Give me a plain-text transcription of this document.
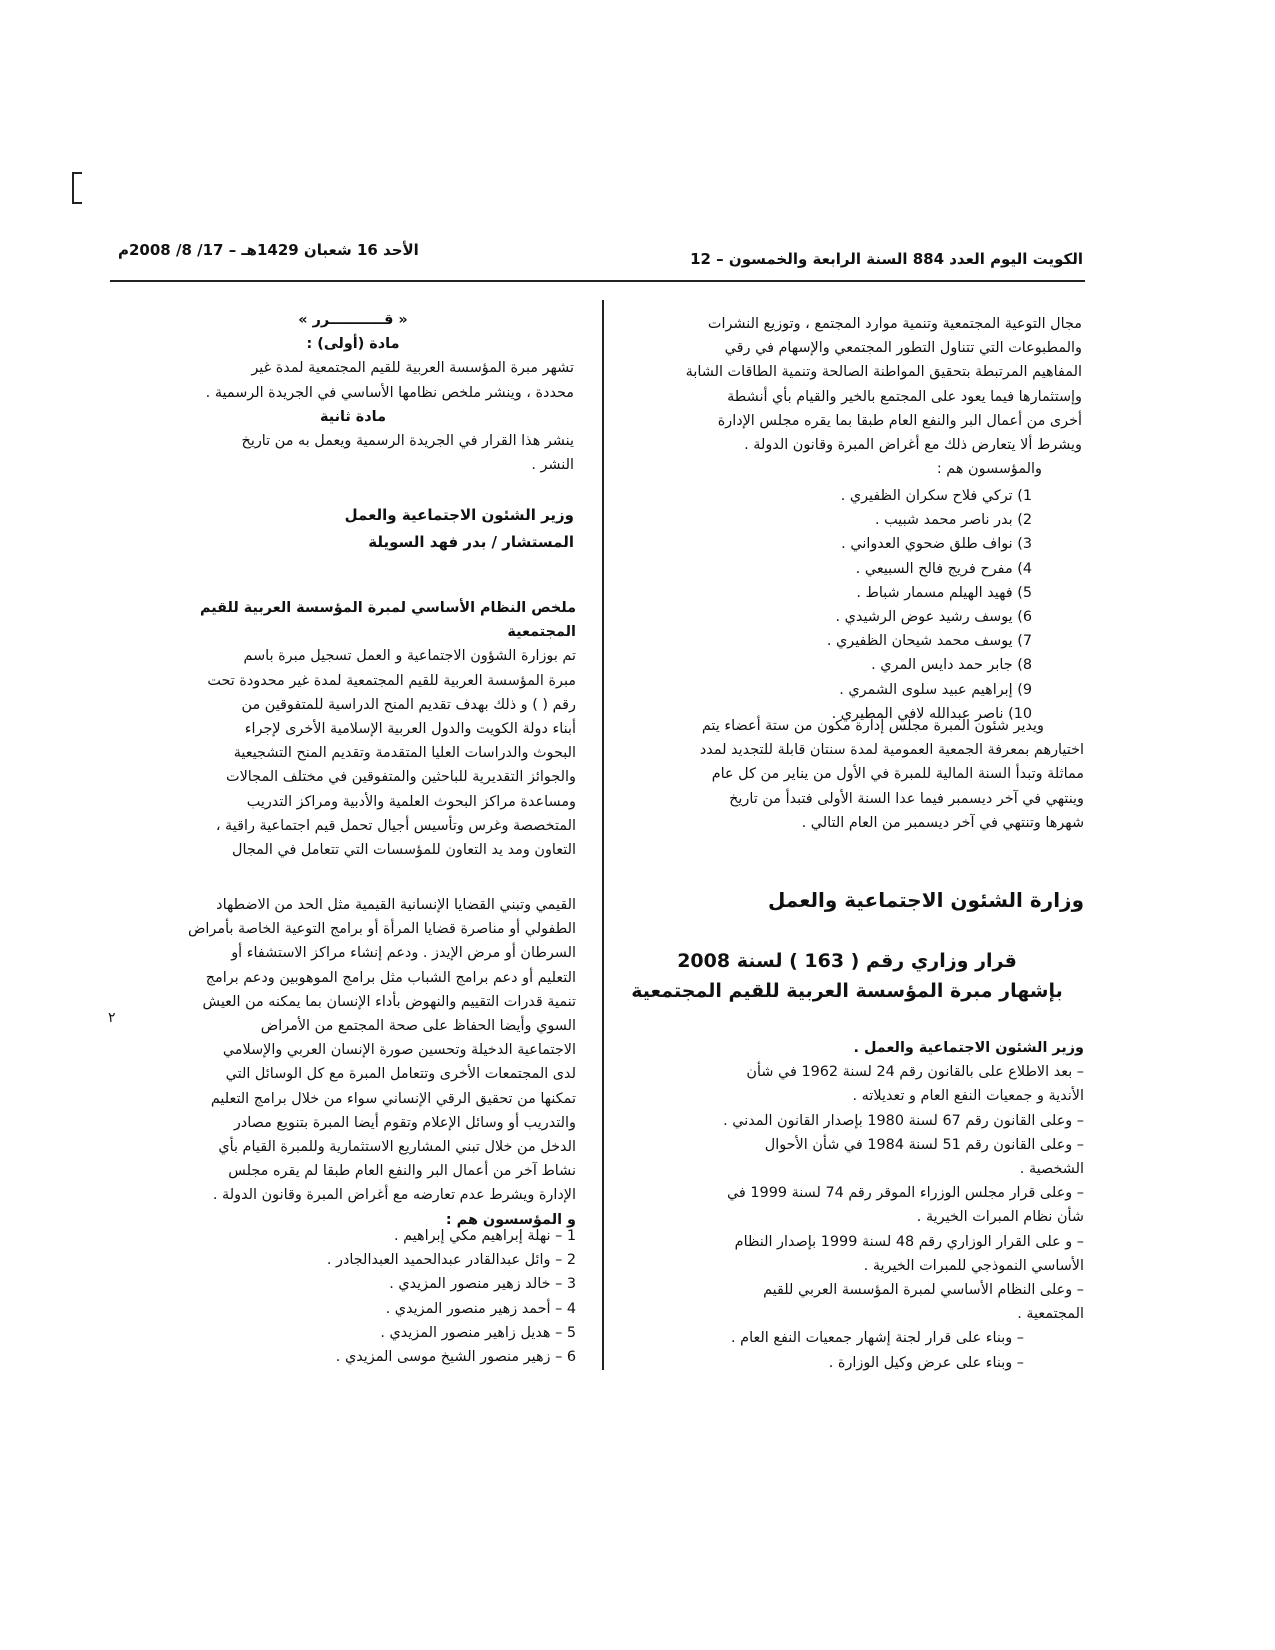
٢
الكويت اليوم العدد 884 السنة الرابعة والخمسون – 12
الأحد 16 شعبان 1429هـ – 17/ 8/ 2008م

مجال التوعية المجتمعية وتنمية موارد المجتمع ، وتوزيع النشرات

والمطبوعات التي تتناول التطور المجتمعي والإسهام في رقي

المفاهيم المرتبطة بتحقيق المواطنة الصالحة وتنمية الطاقات الشابة

وإستثمارها فيما يعود على المجتمع بالخير والقيام بأي أنشطة

أخرى من أعمال البر والنفع العام طبقا بما يقره مجلس الإدارة

ويشرط ألا يتعارض ذلك مع أغراض المبرة وقانون الدولة .

والمؤسسون هم :

1) تركي فلاح سكران الظفيري .
2) بدر ناصر محمد شبيب .
3) نواف طلق ضحوي العدواني .
4) مفرح فريج فالح السبيعي .
5) فهيد الهيلم مسمار شباط .
6) يوسف رشيد عوض الرشيدي .
7) يوسف محمد شيحان الظفيري .
8) جابر حمد دايس المري .
9) إبراهيم عبيد سلوى الشمري .
10) ناصر عبدالله لافي المطيري .

ويدير شئون المبرة مجلس إدارة مكون من ستة أعضاء يتم

اختيارهم بمعرفة الجمعية العمومية لمدة سنتان قابلة للتجديد لمدد

مماثلة وتبدأ السنة المالية للمبرة في الأول من يناير من كل عام

وينتهي في آخر ديسمبر فيما عدا السنة الأولى فتبدأ من تاريخ

شهرها وتنتهي في آخر ديسمبر من العام التالي .

وزارة الشئون الاجتماعية والعمل
قرار وزاري رقم ( 163 ) لسنة 2008
بإشهار مبرة المؤسسة العربية للقيم المجتمعية

وزير الشئون الاجتماعية والعمل .

– بعد الاطلاع على بالقانون رقم 24 لسنة 1962 في شأن

الأندية و جمعيات النفع العام و تعديلاته .

– وعلى القانون رقم 67 لسنة 1980 بإصدار القانون المدني .

– وعلى القانون رقم 51 لسنة 1984 في شأن الأحوال

الشخصية .

– وعلى قرار مجلس الوزراء الموقر رقم 74 لسنة 1999 في

شأن نظام المبرات الخيرية .

– و على القرار الوزاري رقم 48 لسنة 1999 بإصدار النظام

الأساسي النموذجي للمبرات الخيرية .

– وعلى النظام الأساسي لمبرة المؤسسة العربي للقيم

المجتمعية .

– وبناء على قرار لجنة إشهار جمعيات النفع العام .

– وبناء على عرض وكيل الوزارة .

« قـــــــــــرر »

مادة (أولى) :

تشهر مبرة المؤسسة العربية للقيم المجتمعية لمدة غير

محددة ، وينشر ملخص نظامها الأساسي في الجريدة الرسمية .

مادة ثانية

ينشر هذا القرار في الجريدة الرسمية ويعمل به من تاريخ

النشر .

وزير الشئون الاجتماعية والعمل
المستشار / بدر فهد السويلة

ملخص النظام الأساسي لمبرة المؤسسة العربية للقيم المجتمعية

تم بوزارة الشؤون الاجتماعية و العمل تسجيل مبرة باسم

مبرة المؤسسة العربية للقيم المجتمعية لمدة غير محدودة تحت

رقم ( ) و ذلك بهدف تقديم المنح الدراسية للمتفوقين من

أبناء دولة الكويت والدول العربية الإسلامية الأخرى لإجراء

البحوث والدراسات العليا المتقدمة وتقديم المنح التشجيعية

والجوائز التقديرية للباحثين والمتفوقين في مختلف المجالات

ومساعدة مراكز البحوث العلمية والأدبية ومراكز التدريب

المتخصصة وغرس وتأسيس أجيال تحمل قيم اجتماعية راقية ،

التعاون ومد يد التعاون للمؤسسات التي تتعامل في المجال

القيمي وتبني القضايا الإنسانية القيمية مثل الحد من الاضطهاد

الطفولي أو مناصرة قضايا المرأة أو برامج التوعية الخاصة بأمراض

السرطان أو مرض الإيدز . ودعم إنشاء مراكز الاستشفاء أو

التعليم أو دعم برامج الشباب مثل برامج الموهوبين ودعم برامج

تنمية قدرات التقييم والنهوض بأداء الإنسان بما يمكنه من العيش

السوي وأيضا الحفاظ على صحة المجتمع من الأمراض

الاجتماعية الدخيلة وتحسين صورة الإنسان العربي والإسلامي

لدى المجتمعات الأخرى وتتعامل المبرة مع كل الوسائل التي

تمكنها من تحقيق الرقي الإنساني سواء من خلال برامج التعليم

والتدريب أو وسائل الإعلام وتقوم أيضا المبرة بتنويع مصادر

الدخل من خلال تبني المشاريع الاستثمارية وللمبرة القيام بأي

نشاط آخر من أعمال البر والنفع العام طبقا لم يقره مجلس

الإدارة ويشرط عدم تعارضه مع أغراض المبرة وقانون الدولة .

و المؤسسون هم :

1 – نهلة إبراهيم مكي إبراهيم .
2 – وائل عبدالقادر عبدالحميد العبدالجادر .
3 – خالد زهير منصور المزيدي .
4 – أحمد زهير منصور المزيدي .
5 – هديل زاهير منصور المزيدي .
6 – زهير منصور الشيخ موسى المزيدي .
